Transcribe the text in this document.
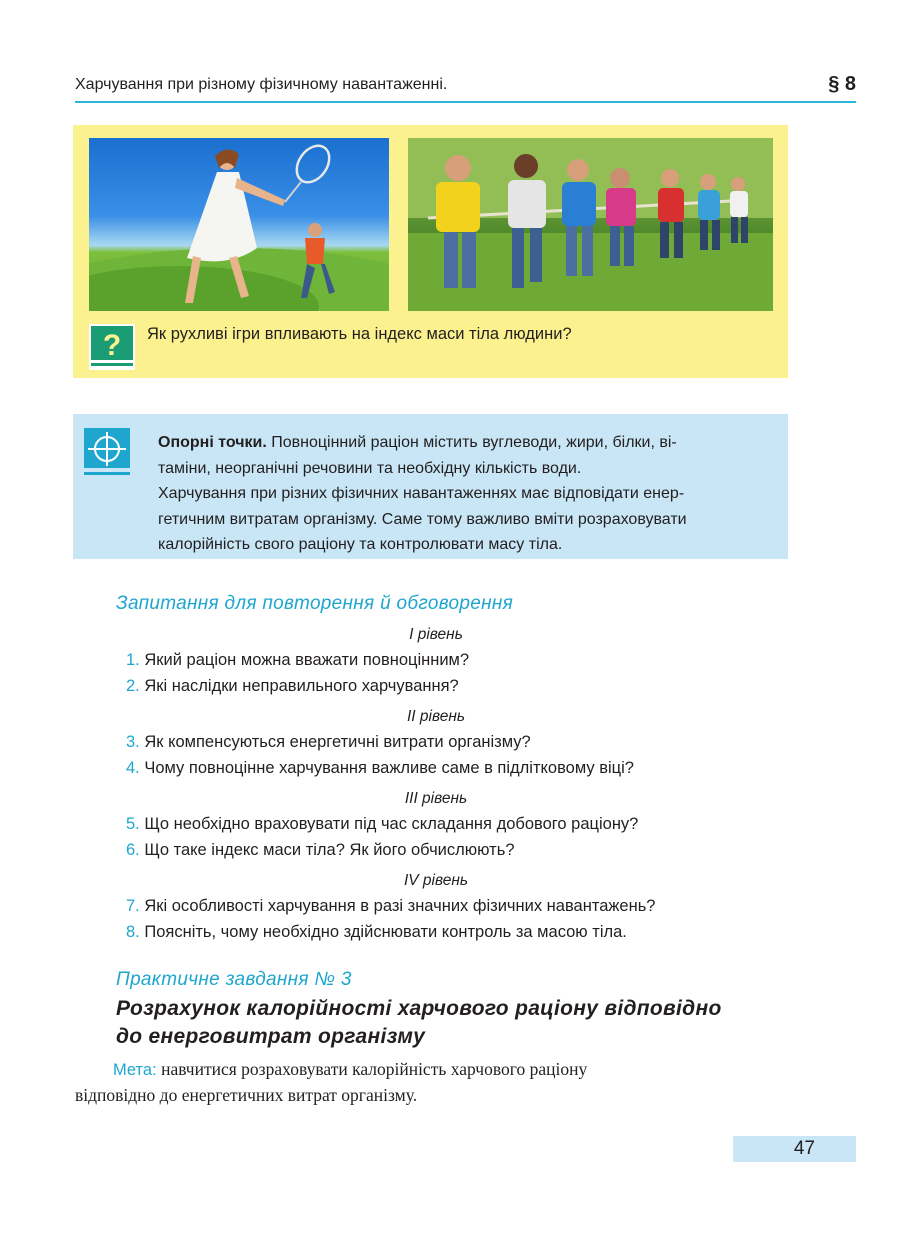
Харчування при різному фізичному навантаженні.	§ 8
? Як рухливі ігри впливають на індекс маси тіла людини?
Опорні точки. Повноцінний раціон містить вуглеводи, жири, білки, ві-
таміни, неорганічні речовини та необхідну кількість води.
Харчування при різних фізичних навантаженнях має відповідати енер-
гетичним витратам організму. Саме тому важливо вміти розраховувати
калорійність свого раціону та контролювати масу тіла.
Запитання для повторення й обговорення
I рівень
1. Який раціон можна вважати повноцінним?
2. Які наслідки неправильного харчування?
II рівень
3. Як компенсуються енергетичні витрати організму?
4. Чому повноцінне харчування важливе саме в підлітковому віці?
III рівень
5. Що необхідно враховувати під час складання добового раціону?
6. Що таке індекс маси тіла? Як його обчислюють?
IV рівень
7. Які особливості харчування в разі значних фізичних навантажень?
8. Поясніть, чому необхідно здійснювати контроль за масою тіла.
Практичне завдання № 3
Розрахунок калорійності харчового раціону відповідно
до енерговитрат організму
Мета: навчитися розраховувати калорійність харчового раціону
відповідно до енергетичних витрат організму.
47
